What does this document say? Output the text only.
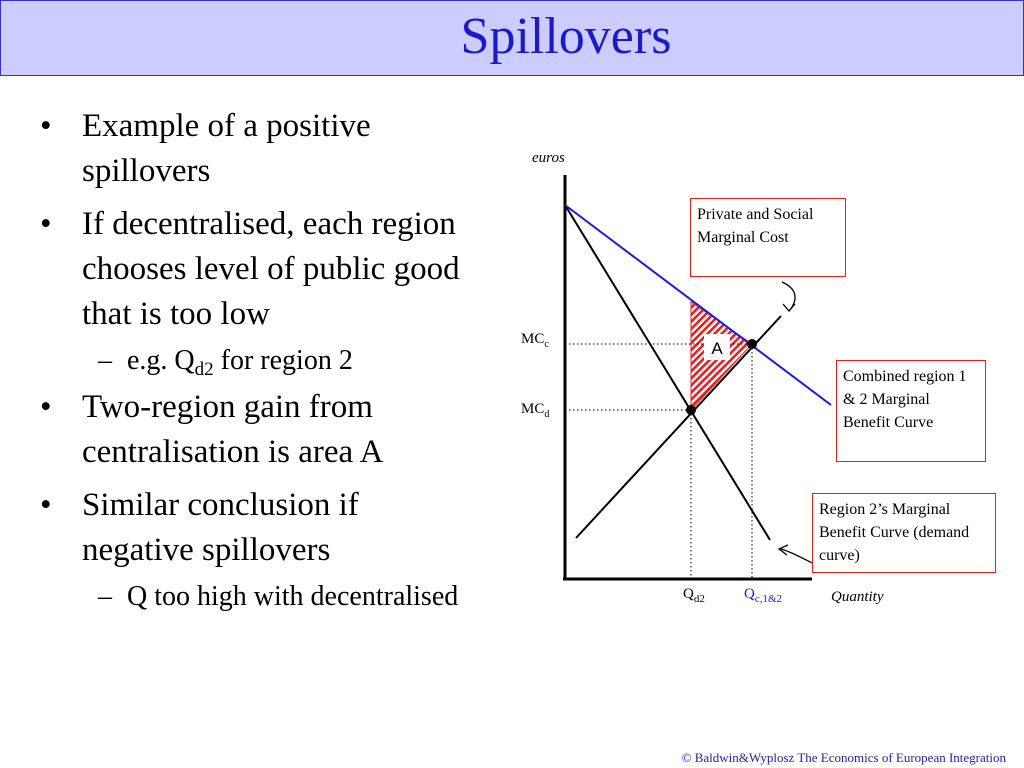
Spillovers
• Example of a positive spillovers
• If decentralised, each region chooses level of public good that is too low
– e.g. $Q_{d2}$ for region 2
• Two-region gain from centralisation is area A
• Similar conclusion if negative spillovers
– Q too high with decentralised
A
euros
Quantity
$MC_c$
$MC_d$
$Q_{d2}$	$Q_{c,1\&2}$
Private and Social Marginal Cost
Combined region 1 & 2 Marginal Benefit Curve
Region 2’s Marginal Benefit Curve (demand curve)
© Baldwin&Wyplosz The Economics of European Integration
